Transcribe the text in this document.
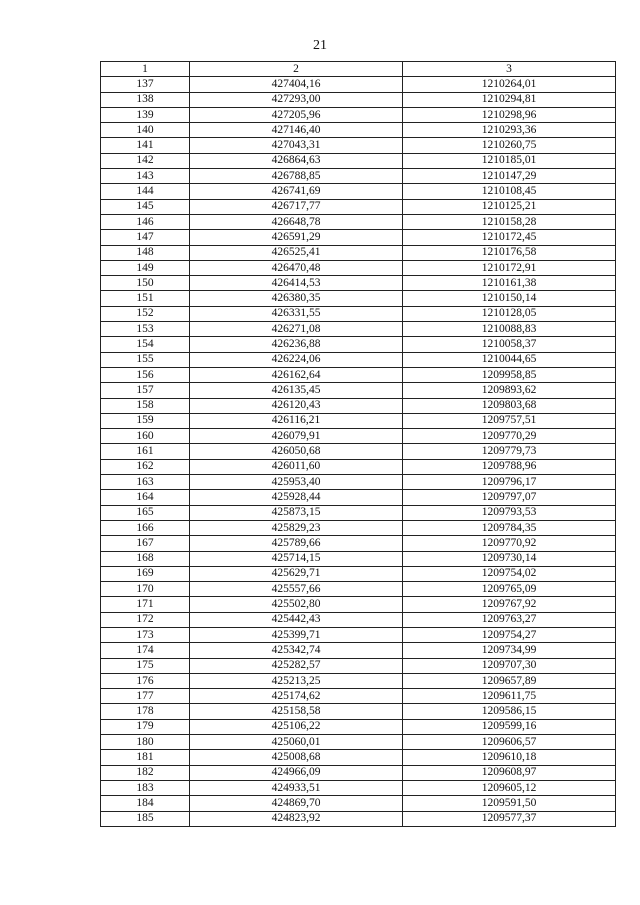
21
1	2	3
137	427404,16	1210264,01
138	427293,00	1210294,81
139	427205,96	1210298,96
140	427146,40	1210293,36
141	427043,31	1210260,75
142	426864,63	1210185,01
143	426788,85	1210147,29
144	426741,69	1210108,45
145	426717,77	1210125,21
146	426648,78	1210158,28
147	426591,29	1210172,45
148	426525,41	1210176,58
149	426470,48	1210172,91
150	426414,53	1210161,38
151	426380,35	1210150,14
152	426331,55	1210128,05
153	426271,08	1210088,83
154	426236,88	1210058,37
155	426224,06	1210044,65
156	426162,64	1209958,85
157	426135,45	1209893,62
158	426120,43	1209803,68
159	426116,21	1209757,51
160	426079,91	1209770,29
161	426050,68	1209779,73
162	426011,60	1209788,96
163	425953,40	1209796,17
164	425928,44	1209797,07
165	425873,15	1209793,53
166	425829,23	1209784,35
167	425789,66	1209770,92
168	425714,15	1209730,14
169	425629,71	1209754,02
170	425557,66	1209765,09
171	425502,80	1209767,92
172	425442,43	1209763,27
173	425399,71	1209754,27
174	425342,74	1209734,99
175	425282,57	1209707,30
176	425213,25	1209657,89
177	425174,62	1209611,75
178	425158,58	1209586,15
179	425106,22	1209599,16
180	425060,01	1209606,57
181	425008,68	1209610,18
182	424966,09	1209608,97
183	424933,51	1209605,12
184	424869,70	1209591,50
185	424823,92	1209577,37
